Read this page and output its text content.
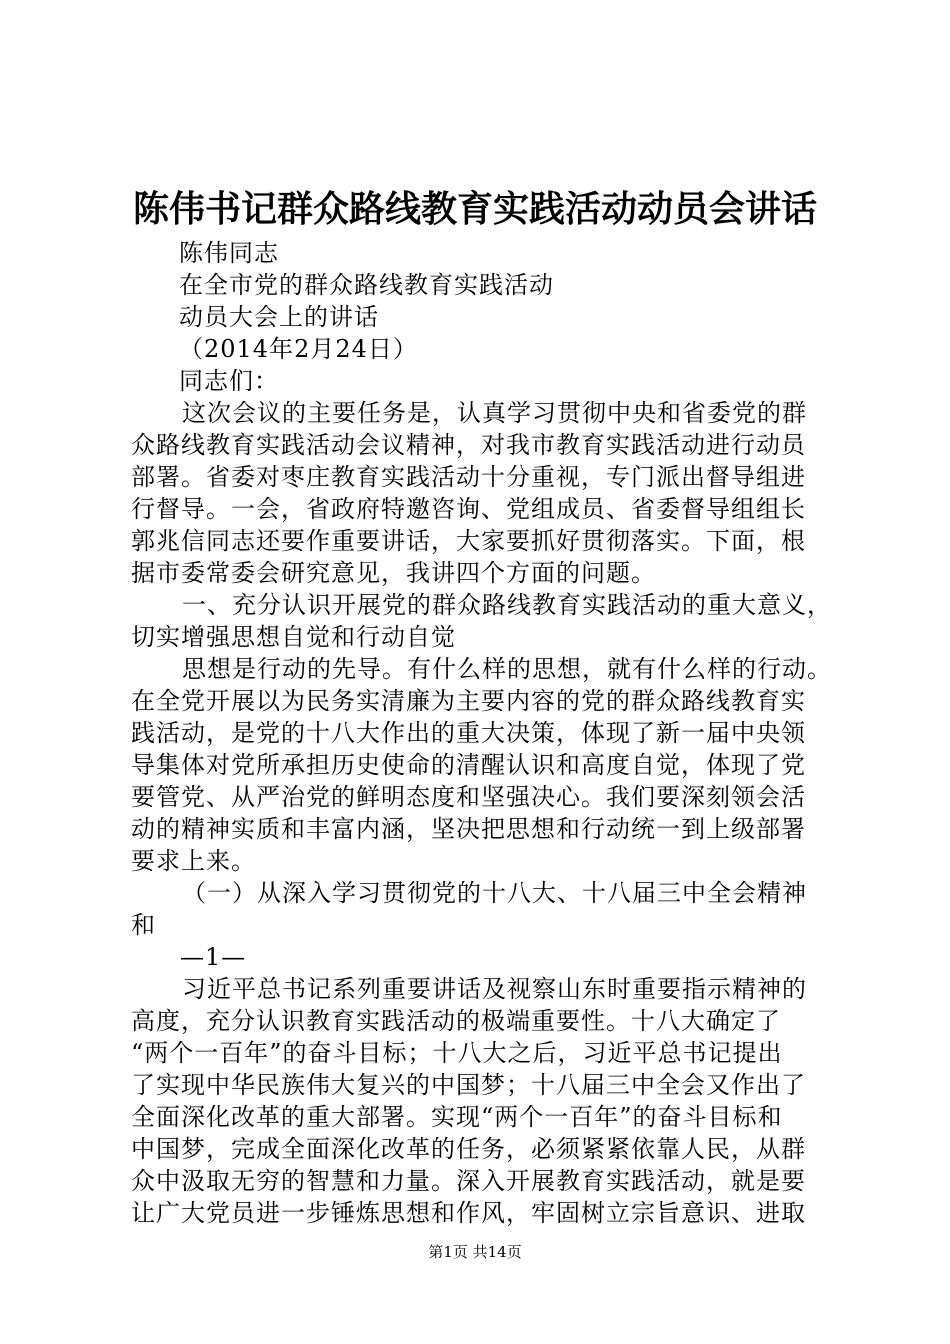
陈伟书记群众路线教育实践活动动员会讲话
陈伟同志
在全市党的群众路线教育实践活动
动员大会上的讲话
（2014年2月24日）
同志们：
这次会议的主要任务是，认真学习贯彻中央和省委党的群
众路线教育实践活动会议精神，对我市教育实践活动进行动员
部署。省委对枣庄教育实践活动十分重视，专门派出督导组进
行督导。一会，省政府特邀咨询、党组成员、省委督导组组长
郭兆信同志还要作重要讲话，大家要抓好贯彻落实。下面，根
据市委常委会研究意见，我讲四个方面的问题。
一、充分认识开展党的群众路线教育实践活动的重大意义，
切实增强思想自觉和行动自觉
思想是行动的先导。有什么样的思想，就有什么样的行动。
在全党开展以为民务实清廉为主要内容的党的群众路线教育实
践活动，是党的十八大作出的重大决策，体现了新一届中央领
导集体对党所承担历史使命的清醒认识和高度自觉，体现了党
要管党、从严治党的鲜明态度和坚强决心。我们要深刻领会活
动的精神实质和丰富内涵，坚决把思想和行动统一到上级部署
要求上来。
（一）从深入学习贯彻党的十八大、十八届三中全会精神
和
—1—
习近平总书记系列重要讲话及视察山东时重要指示精神的
高度，充分认识教育实践活动的极端重要性。十八大确定了
“两个一百年”的奋斗目标；十八大之后，习近平总书记提出
了实现中华民族伟大复兴的中国梦；十八届三中全会又作出了
全面深化改革的重大部署。实现“两个一百年”的奋斗目标和
中国梦，完成全面深化改革的任务，必须紧紧依靠人民，从群
众中汲取无穷的智慧和力量。深入开展教育实践活动，就是要
让广大党员进一步锤炼思想和作风，牢固树立宗旨意识、进取
第1页 共14页
